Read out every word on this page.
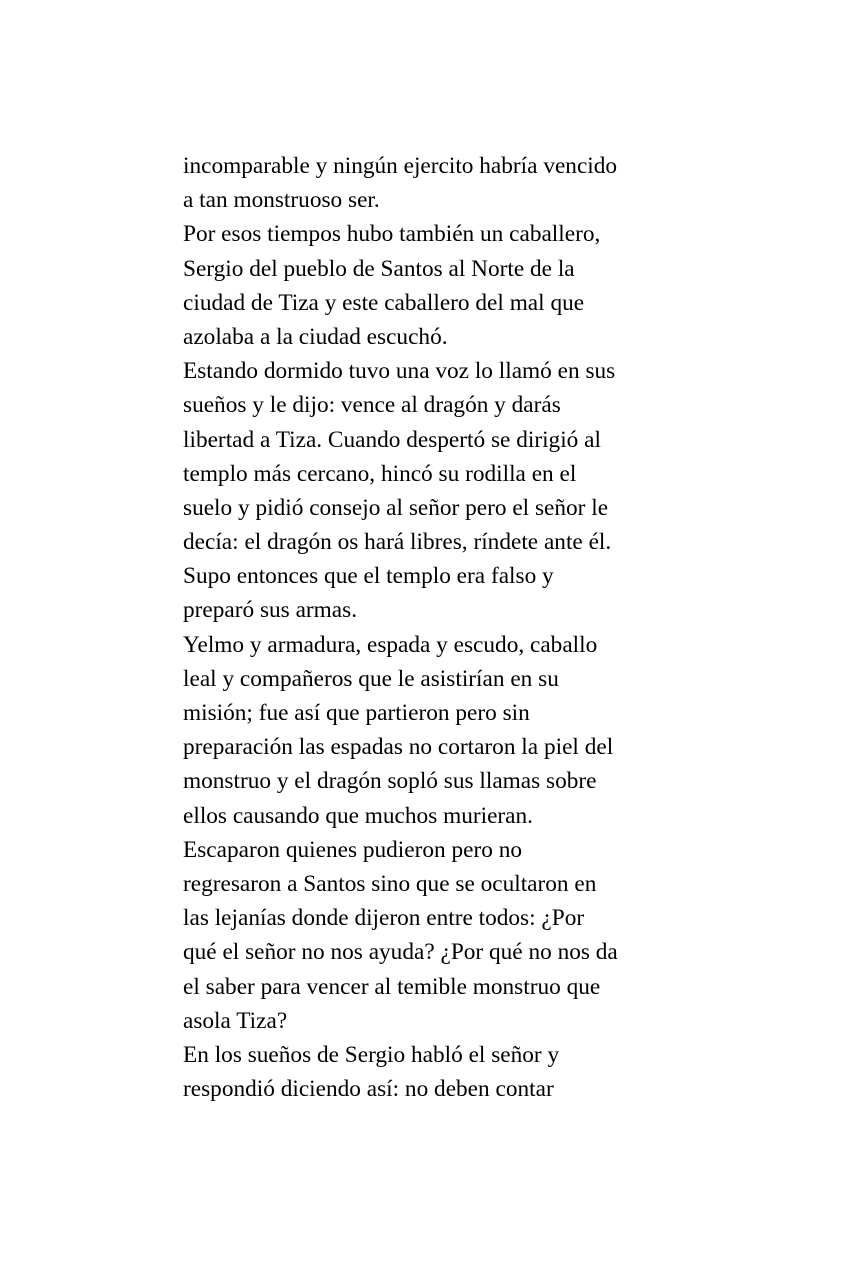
incomparable y ningún ejercito habría vencido
a tan monstruoso ser.
Por esos tiempos hubo también un caballero,
Sergio del pueblo de Santos al Norte de la
ciudad de Tiza y este caballero del mal que
azolaba a la ciudad escuchó.
Estando dormido tuvo una voz lo llamó en sus
sueños y le dijo: vence al dragón y darás
libertad a Tiza. Cuando despertó se dirigió al
templo más cercano, hincó su rodilla en el
suelo y pidió consejo al señor pero el señor le
decía: el dragón os hará libres, ríndete ante él.
Supo entonces que el templo era falso y
preparó sus armas.
Yelmo y armadura, espada y escudo, caballo
leal y compañeros que le asistirían en su
misión; fue así que partieron pero sin
preparación las espadas no cortaron la piel del
monstruo y el dragón sopló sus llamas sobre
ellos causando que muchos murieran.
Escaparon quienes pudieron pero no
regresaron a Santos sino que se ocultaron en
las lejanías donde dijeron entre todos: ¿Por
qué el señor no nos ayuda? ¿Por qué no nos da
el saber para vencer al temible monstruo que
asola Tiza?
En los sueños de Sergio habló el señor y
respondió diciendo así: no deben contar
